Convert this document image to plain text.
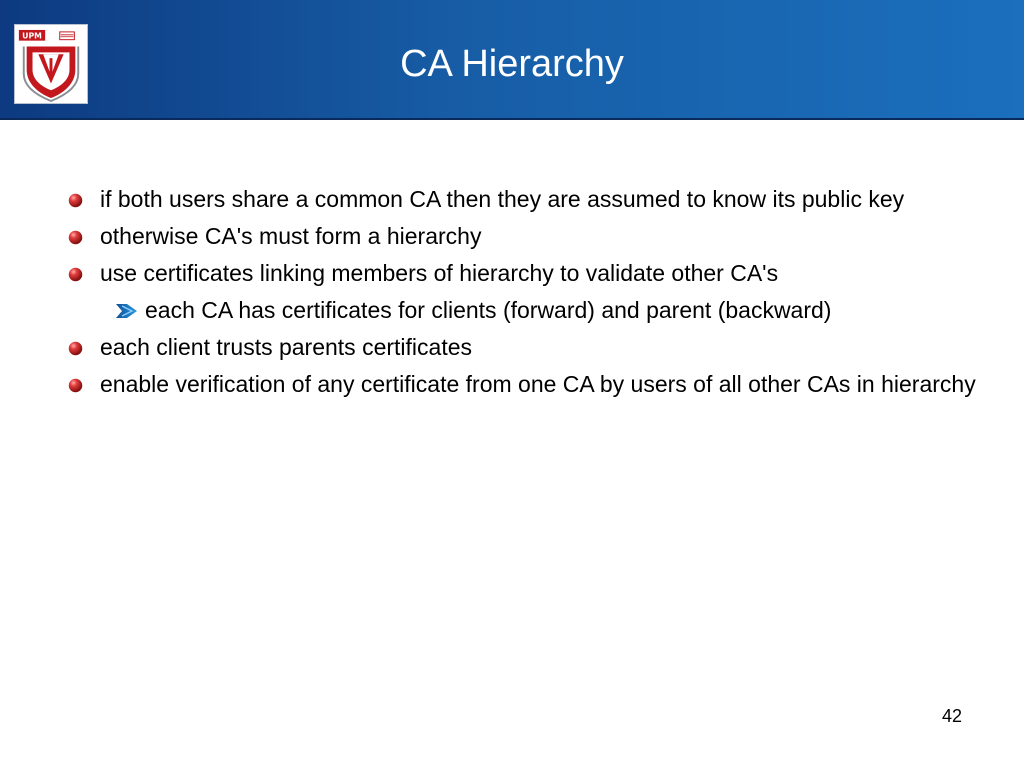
UPM
CA Hierarchy
if both users share a common CA then they are assumed to know its public key
otherwise CA's must form a hierarchy
use certificates linking members of hierarchy to validate other CA's
each CA has certificates for clients (forward) and parent (backward)
each client trusts parents certificates
enable verification of any certificate from one CA by users of all other CAs in hierarchy

42
